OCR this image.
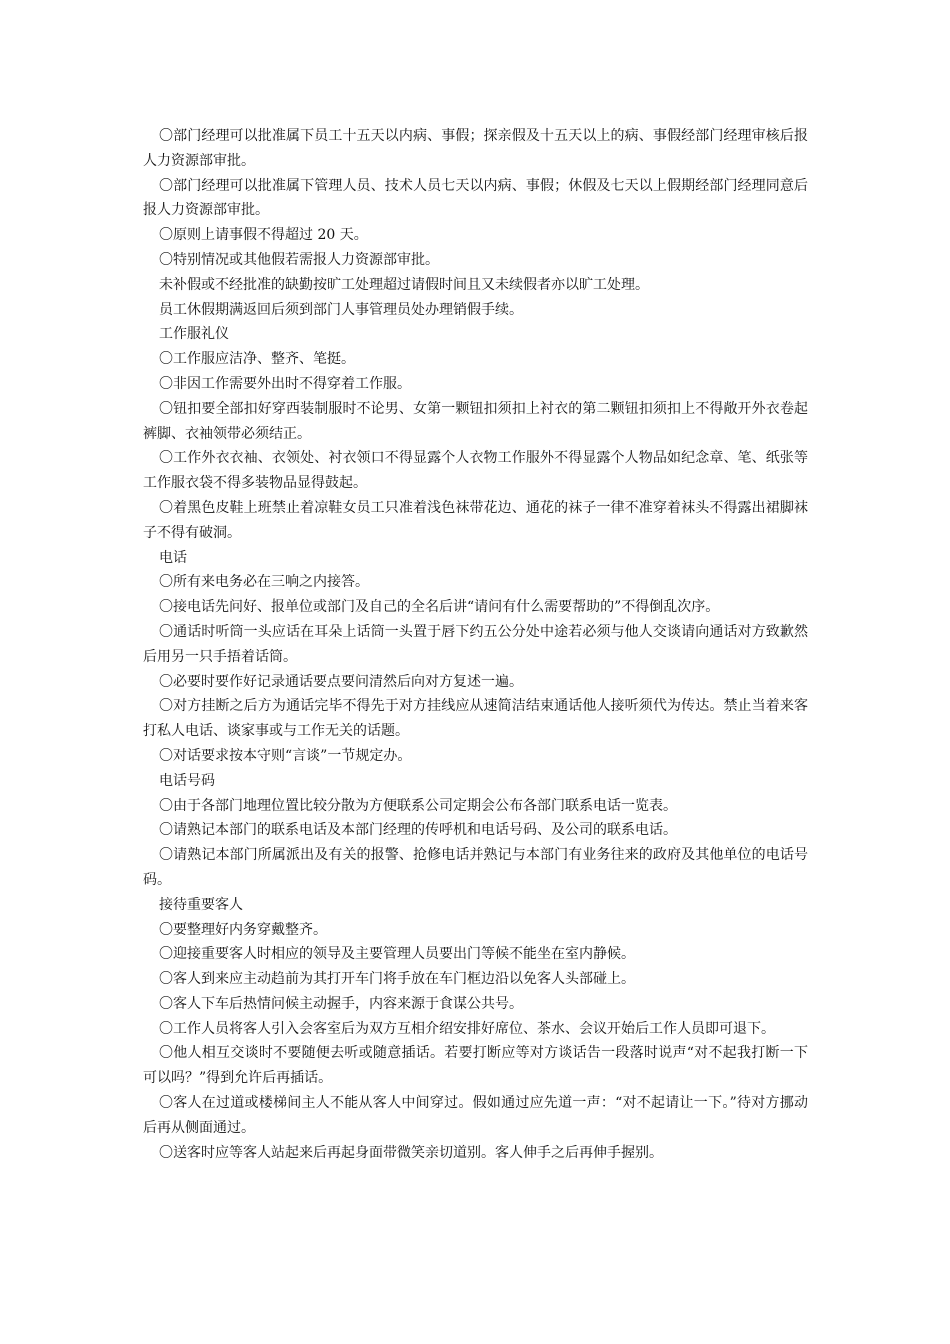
〇部门经理可以批准属下员工十五天以内病、事假；探亲假及十五天以上的病、事假经部门经理审核后报人力资源部审批。

〇部门经理可以批准属下管理人员、技术人员七天以内病、事假；休假及七天以上假期经部门经理同意后报人力资源部审批。

〇原则上请事假不得超过 20 天。

〇特别情况或其他假若需报人力资源部审批。

未补假或不经批准的缺勤按旷工处理超过请假时间且又未续假者亦以旷工处理。

员工休假期满返回后须到部门人事管理员处办理销假手续。

工作服礼仪

〇工作服应洁净、整齐、笔挺。

〇非因工作需要外出时不得穿着工作服。

〇钮扣要全部扣好穿西装制服时不论男、女第一颗钮扣须扣上衬衣的第二颗钮扣须扣上不得敞开外衣卷起裤脚、衣袖领带必须结正。

〇工作外衣衣袖、衣领处、衬衣领口不得显露个人衣物工作服外不得显露个人物品如纪念章、笔、纸张等工作服衣袋不得多装物品显得鼓起。

〇着黑色皮鞋上班禁止着凉鞋女员工只准着浅色袜带花边、通花的袜子一律不准穿着袜头不得露出裙脚袜子不得有破洞。

电话

〇所有来电务必在三响之内接答。

〇接电话先问好、报单位或部门及自己的全名后讲“请问有什么需要帮助的”不得倒乱次序。

〇通话时听筒一头应话在耳朵上话筒一头置于唇下约五公分处中途若必须与他人交谈请向通话对方致歉然后用另一只手捂着话筒。

〇必要时要作好记录通话要点要问清然后向对方复述一遍。

〇对方挂断之后方为通话完毕不得先于对方挂线应从速简洁结束通话他人接听须代为传达。禁止当着来客打私人电话、谈家事或与工作无关的话题。

〇对话要求按本守则“言谈”一节规定办。

电话号码

〇由于各部门地理位置比较分散为方便联系公司定期会公布各部门联系电话一览表。

〇请熟记本部门的联系电话及本部门经理的传呼机和电话号码、及公司的联系电话。

〇请熟记本部门所属派出及有关的报警、抢修电话并熟记与本部门有业务往来的政府及其他单位的电话号码。

接待重要客人

〇要整理好内务穿戴整齐。

〇迎接重要客人时相应的领导及主要管理人员要出门等候不能坐在室内静候。

〇客人到来应主动趋前为其打开车门将手放在车门框边沿以免客人头部碰上。

〇客人下车后热情问候主动握手，内容来源于食谋公共号。

〇工作人员将客人引入会客室后为双方互相介绍安排好席位、茶水、会议开始后工作人员即可退下。

〇他人相互交谈时不要随便去听或随意插话。若要打断应等对方谈话告一段落时说声“对不起我打断一下可以吗？”得到允许后再插话。

〇客人在过道或楼梯间主人不能从客人中间穿过。假如通过应先道一声：“对不起请让一下。”待对方挪动后再从侧面通过。

〇送客时应等客人站起来后再起身面带微笑亲切道别。客人伸手之后再伸手握别。
